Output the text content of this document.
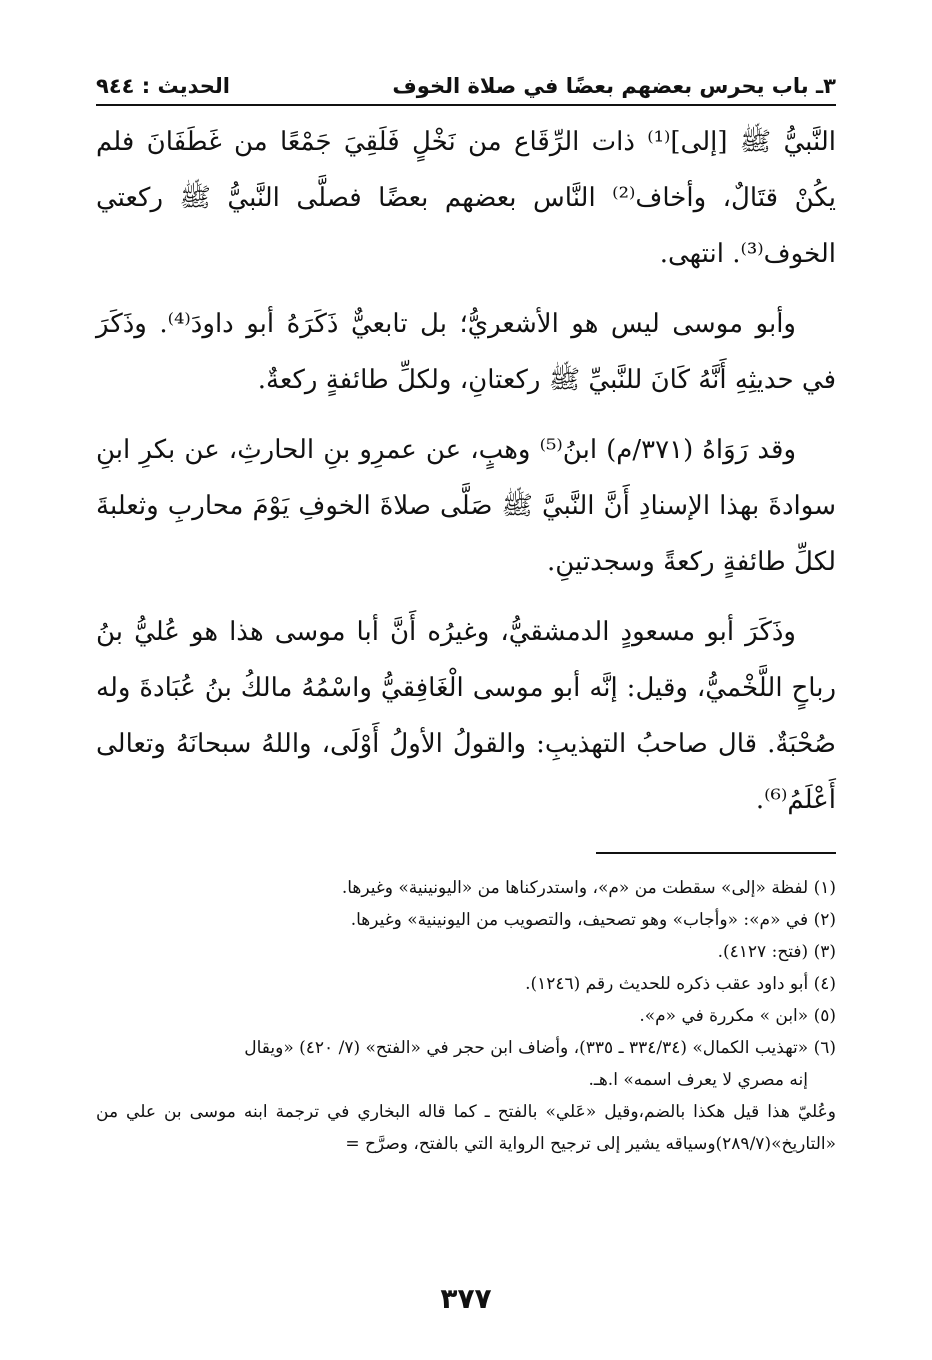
٣ـ باب يحرس بعضهم بعضًا في صلاة الخوف
الحديث : ٩٤٤

النَّبيُّ ﷺ [إلى]⁽¹⁾ ذات الرِّقَاع من نَخْلٍ فَلَقِيَ جَمْعًا من غَطَفَانَ فلم يكُنْ قتَالٌ، وأخاف⁽²⁾ النَّاس بعضهم بعضًا فصلَّى النَّبيُّ ﷺ ركعتي الخوف⁽³⁾. انتهى.

وأبو موسى ليس هو الأشعريُّ؛ بل تابعيٌّ ذَكَرَهُ أبو داودَ⁽⁴⁾. وذَكَرَ في حديثِهِ أَنَّهُ كَانَ للنَّبيِّ ﷺ ركعتانِ، ولكلِّ طائفةٍ ركعةٌ.

وقد رَوَاهُ (٣٧١/م) ابنُ⁽⁵⁾ وهبٍ، عن عمرِو بنِ الحارثِ، عن بكرِ ابنِ سوادةَ بهذا الإسنادِ أَنَّ النَّبيَّ ﷺ صَلَّى صلاةَ الخوفِ يَوْمَ محاربِ وثعلبةَ لكلِّ طائفةٍ ركعةً وسجدتينِ.

وذَكَرَ أبو مسعودٍ الدمشقيُّ، وغيرُه أَنَّ أبا موسى هذا هو عُليُّ بنُ رباحٍ اللَّخْميُّ، وقيل: إنَّه أبو موسى الْغَافِقيُّ واسْمُهُ مالكُ بنُ عُبَادةَ وله صُحْبَةٌ. قال صاحبُ التهذيبِ: والقولُ الأولُ أَوْلَى، واللهُ سبحانَهُ وتعالى أَعْلَمُ⁽⁶⁾.

(١) لفظة «إلى» سقطت من «م»، واستدركناها من «اليونينية» وغيرها.

(٢) في «م»: «وأجاب» وهو تصحيف، والتصويب من اليونينية» وغيرها.

(٣) (فتح: ٤١٢٧).

(٤) أبو داود عقب ذكره للحديث رقم (١٢٤٦).

(٥) «ابن » مكررة في «م».

(٦) «تهذيب الكمال» (٣٣٤/٣٤ ـ ٣٣٥)، وأضاف ابن حجر في «الفتح» (٧/ ٤٢٠) «ويقال

إنه مصري لا يعرف اسمه» ا.هـ.

وعُليّ هذا قيل هكذا بالضم،وقيل «عَلي» بالفتح ـ كما قاله البخاري في ترجمة ابنه موسى بن علي من «التاريخ»(٢٨٩/٧)وسياقه يشير إلى ترجيح الرواية التي بالفتح، وصرَّح =

٣٧٧
